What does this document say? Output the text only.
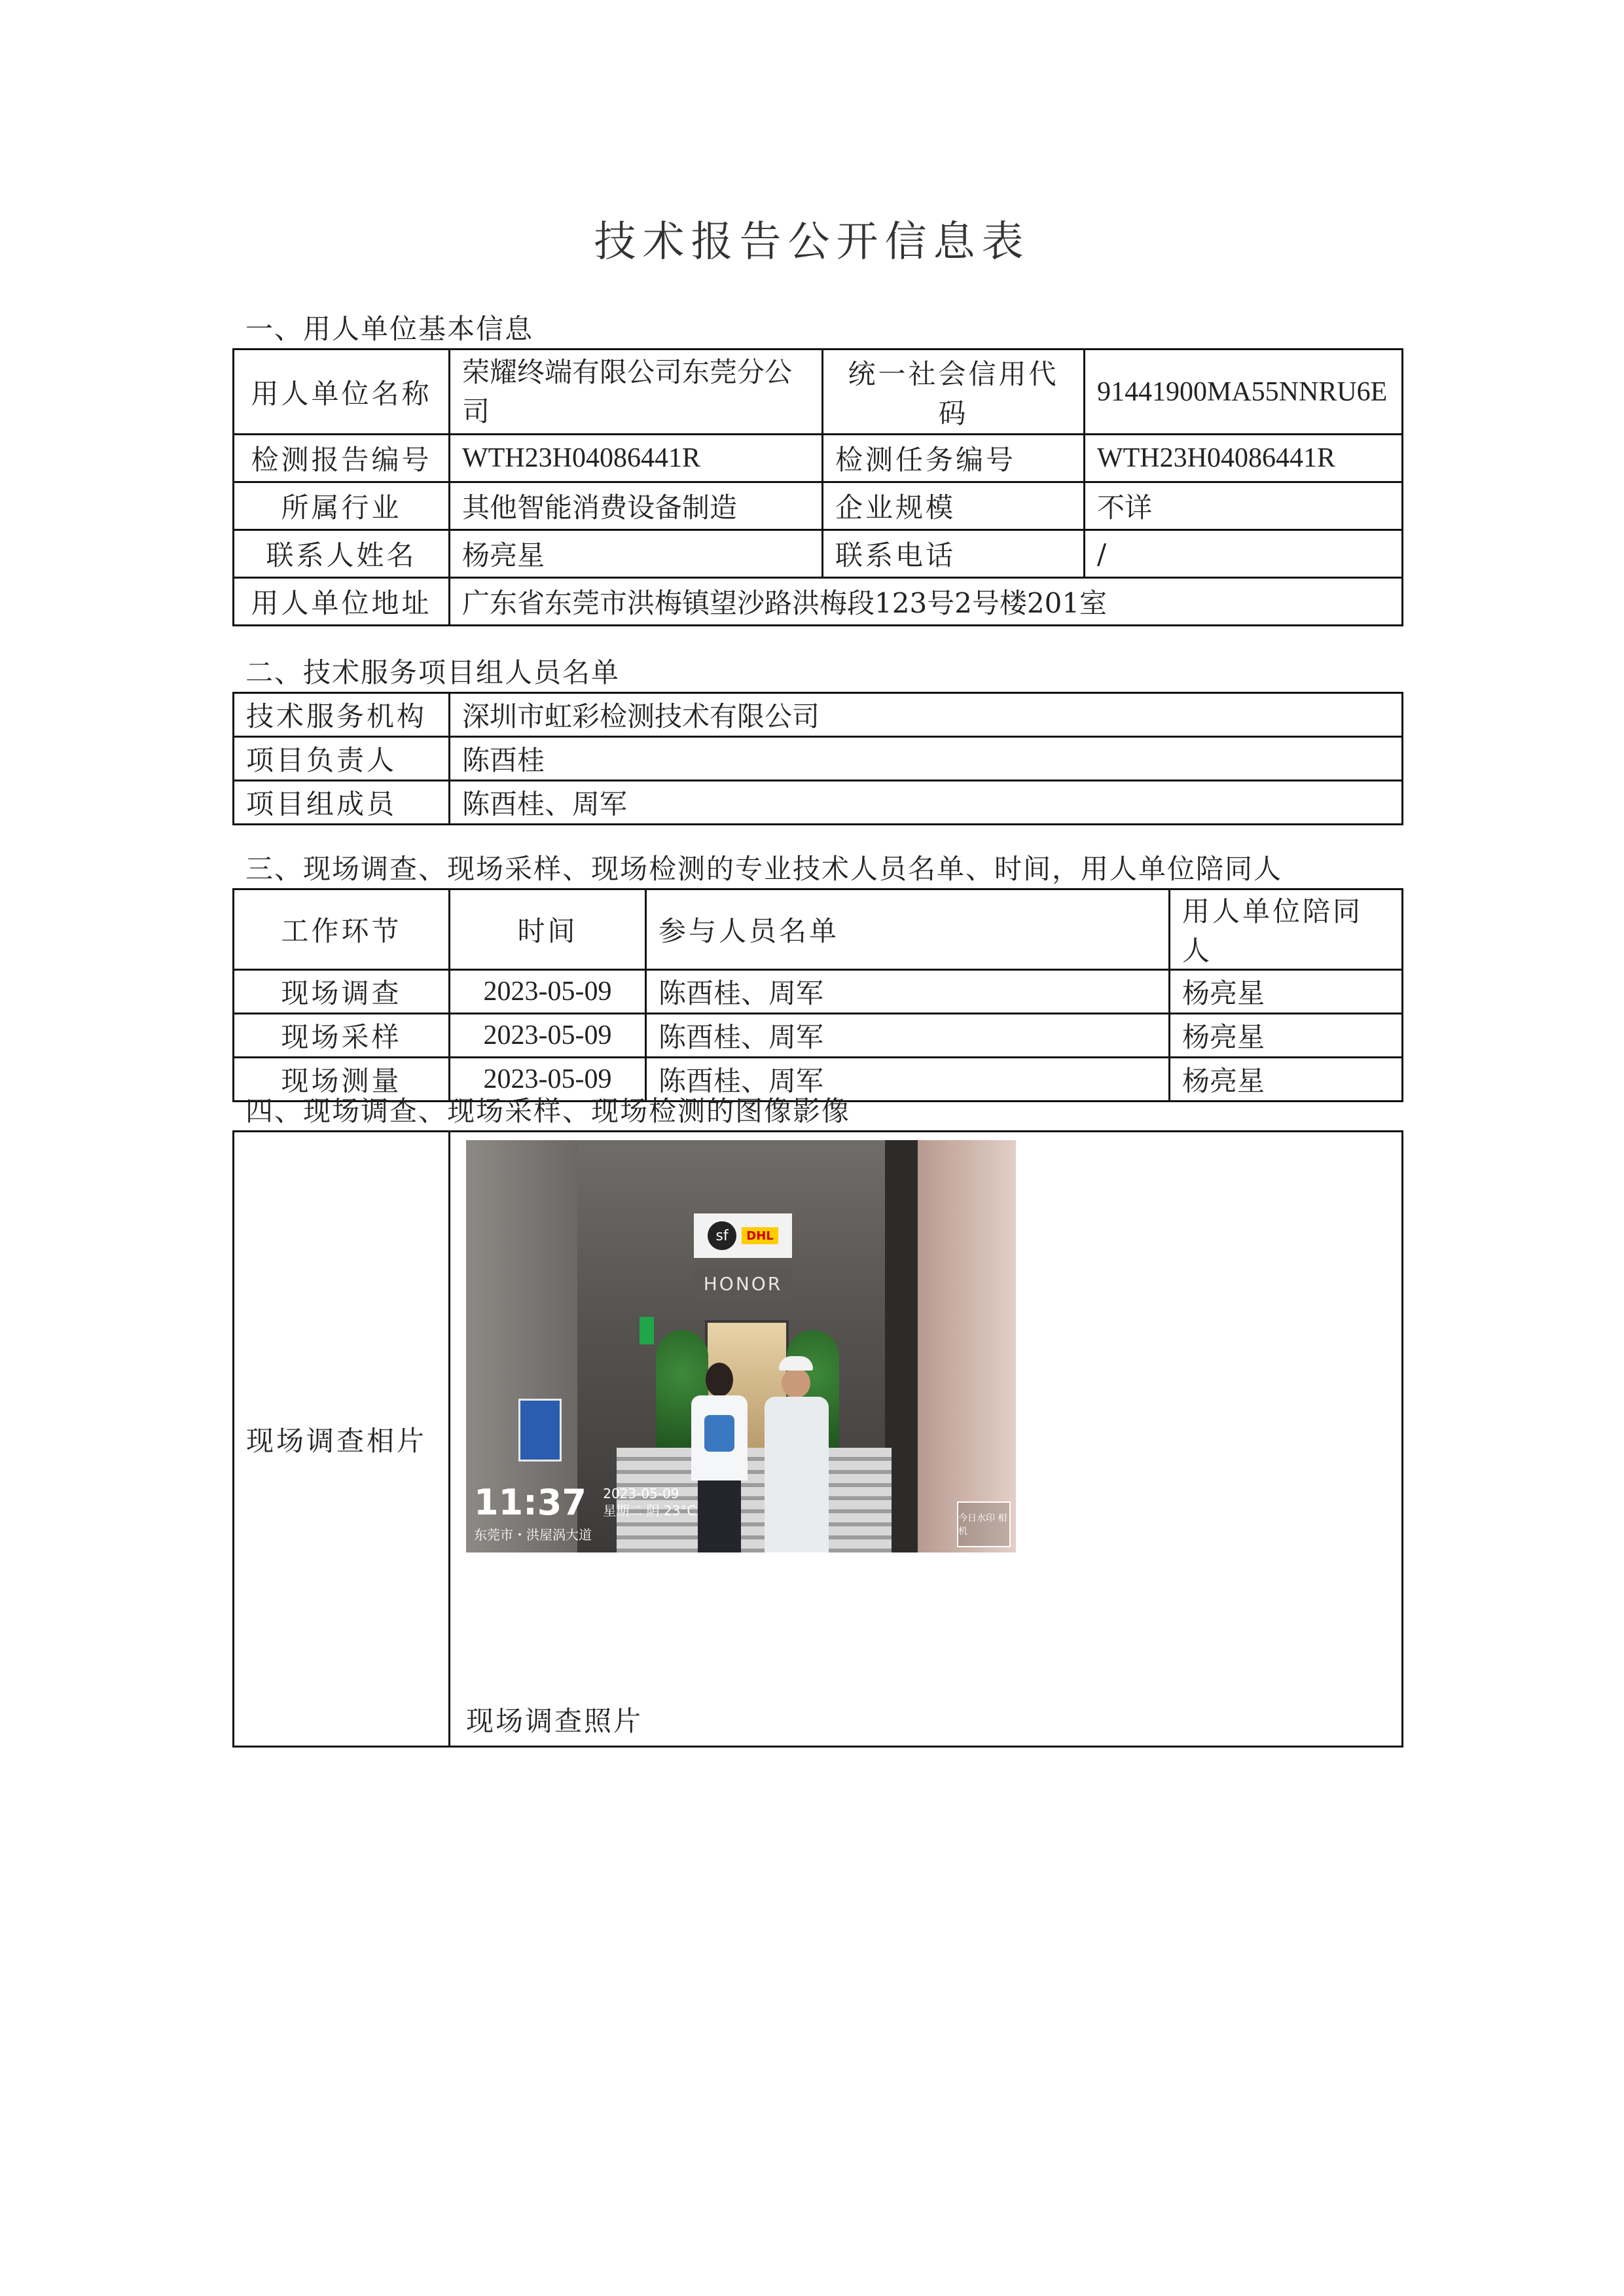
技术报告公开信息表
一、用人单位基本信息
用人单位名称	荣耀终端有限公司东莞分公司	统一社会信用代码	91441900MA55NNRU6E
检测报告编号	WTH23H04086441R	检测任务编号	WTH23H04086441R
所属行业	其他智能消费设备制造	企业规模	不详
联系人姓名	杨亮星	联系电话	/
用人单位地址	广东省东莞市洪梅镇望沙路洪梅段123号2号楼201室		
二、技术服务项目组人员名单
技术服务机构	深圳市虹彩检测技术有限公司
项目负责人	陈酉桂
项目组成员	陈酉桂、周军
三、现场调查、现场采样、现场检测的专业技术人员名单、时间，用人单位陪同人
工作环节	时间	参与人员名单	用人单位陪同人
现场调查	2023-05-09	陈酉桂、周军	杨亮星
现场采样	2023-05-09	陈酉桂、周军	杨亮星
现场测量	2023-05-09	陈酉桂、周军	杨亮星
四、现场调查、现场采样、现场检测的图像影像
现场调查相片	
sf	DHL
HONOR
11:37 2023-05-09
星期二 阴 23°C
东莞市・洪屋涡大道
今日水印 相机
现场调查照片
